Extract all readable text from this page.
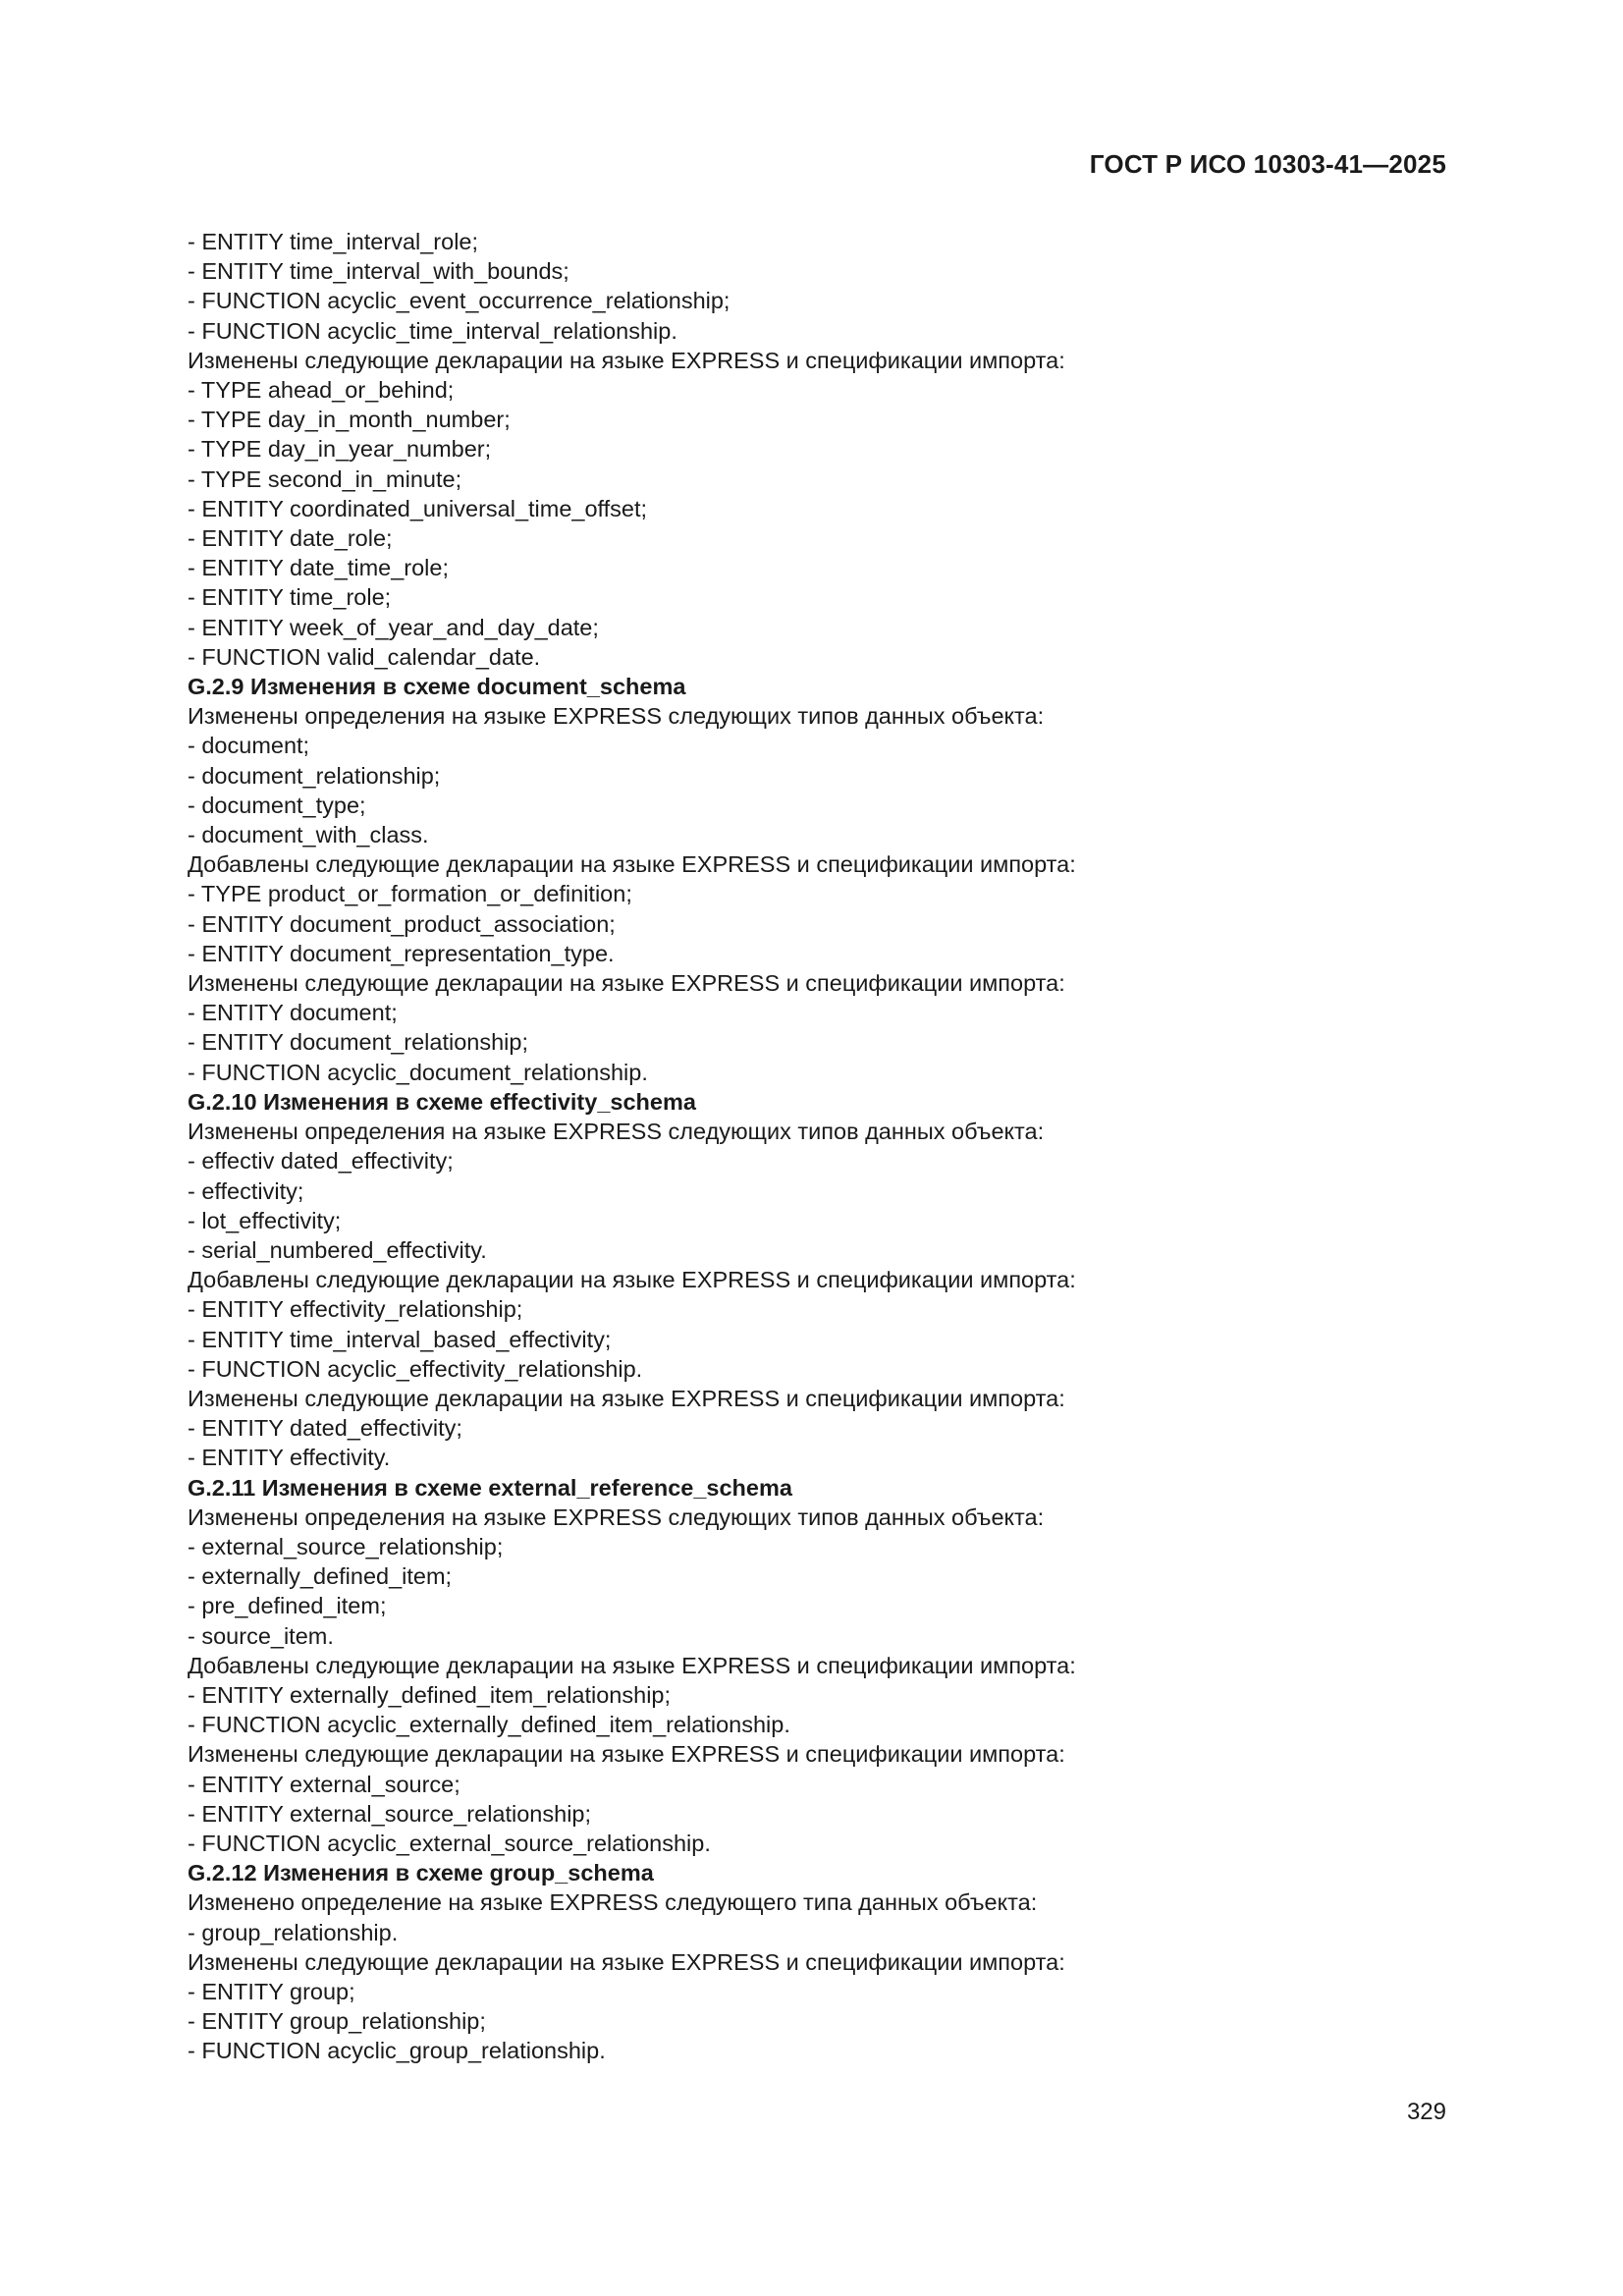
ГОСТ Р ИСО 10303-41—2025
- ENTITY time_interval_role;
- ENTITY time_interval_with_bounds;
- FUNCTION acyclic_event_occurrence_relationship;
- FUNCTION acyclic_time_interval_relationship.
Изменены следующие декларации на языке EXPRESS и спецификации импорта:
- TYPE ahead_or_behind;
- TYPE day_in_month_number;
- TYPE day_in_year_number;
- TYPE second_in_minute;
- ENTITY coordinated_universal_time_offset;
- ENTITY date_role;
- ENTITY date_time_role;
- ENTITY time_role;
- ENTITY week_of_year_and_day_date;
- FUNCTION valid_calendar_date.
G.2.9 Изменения в схеме document_schema
Изменены определения на языке EXPRESS следующих типов данных объекта:
- document;
- document_relationship;
- document_type;
- document_with_class.
Добавлены следующие декларации на языке EXPRESS и спецификации импорта:
- TYPE product_or_formation_or_definition;
- ENTITY document_product_association;
- ENTITY document_representation_type.
Изменены следующие декларации на языке EXPRESS и спецификации импорта:
- ENTITY document;
- ENTITY document_relationship;
- FUNCTION acyclic_document_relationship.
G.2.10 Изменения в схеме effectivity_schema
Изменены определения на языке EXPRESS следующих типов данных объекта:
- effectiv dated_effectivity;
- effectivity;
- lot_effectivity;
- serial_numbered_effectivity.
Добавлены следующие декларации на языке EXPRESS и спецификации импорта:
- ENTITY effectivity_relationship;
- ENTITY time_interval_based_effectivity;
- FUNCTION acyclic_effectivity_relationship.
Изменены следующие декларации на языке EXPRESS и спецификации импорта:
- ENTITY dated_effectivity;
- ENTITY effectivity.
G.2.11 Изменения в схеме external_reference_schema
Изменены определения на языке EXPRESS следующих типов данных объекта:
- external_source_relationship;
- externally_defined_item;
- pre_defined_item;
- source_item.
Добавлены следующие декларации на языке EXPRESS и спецификации импорта:
- ENTITY externally_defined_item_relationship;
- FUNCTION acyclic_externally_defined_item_relationship.
Изменены следующие декларации на языке EXPRESS и спецификации импорта:
- ENTITY external_source;
- ENTITY external_source_relationship;
- FUNCTION acyclic_external_source_relationship.
G.2.12 Изменения в схеме group_schema
Изменено определение на языке EXPRESS следующего типа данных объекта:
- group_relationship.
Изменены следующие декларации на языке EXPRESS и спецификации импорта:
- ENTITY group;
- ENTITY group_relationship;
- FUNCTION acyclic_group_relationship.
329
